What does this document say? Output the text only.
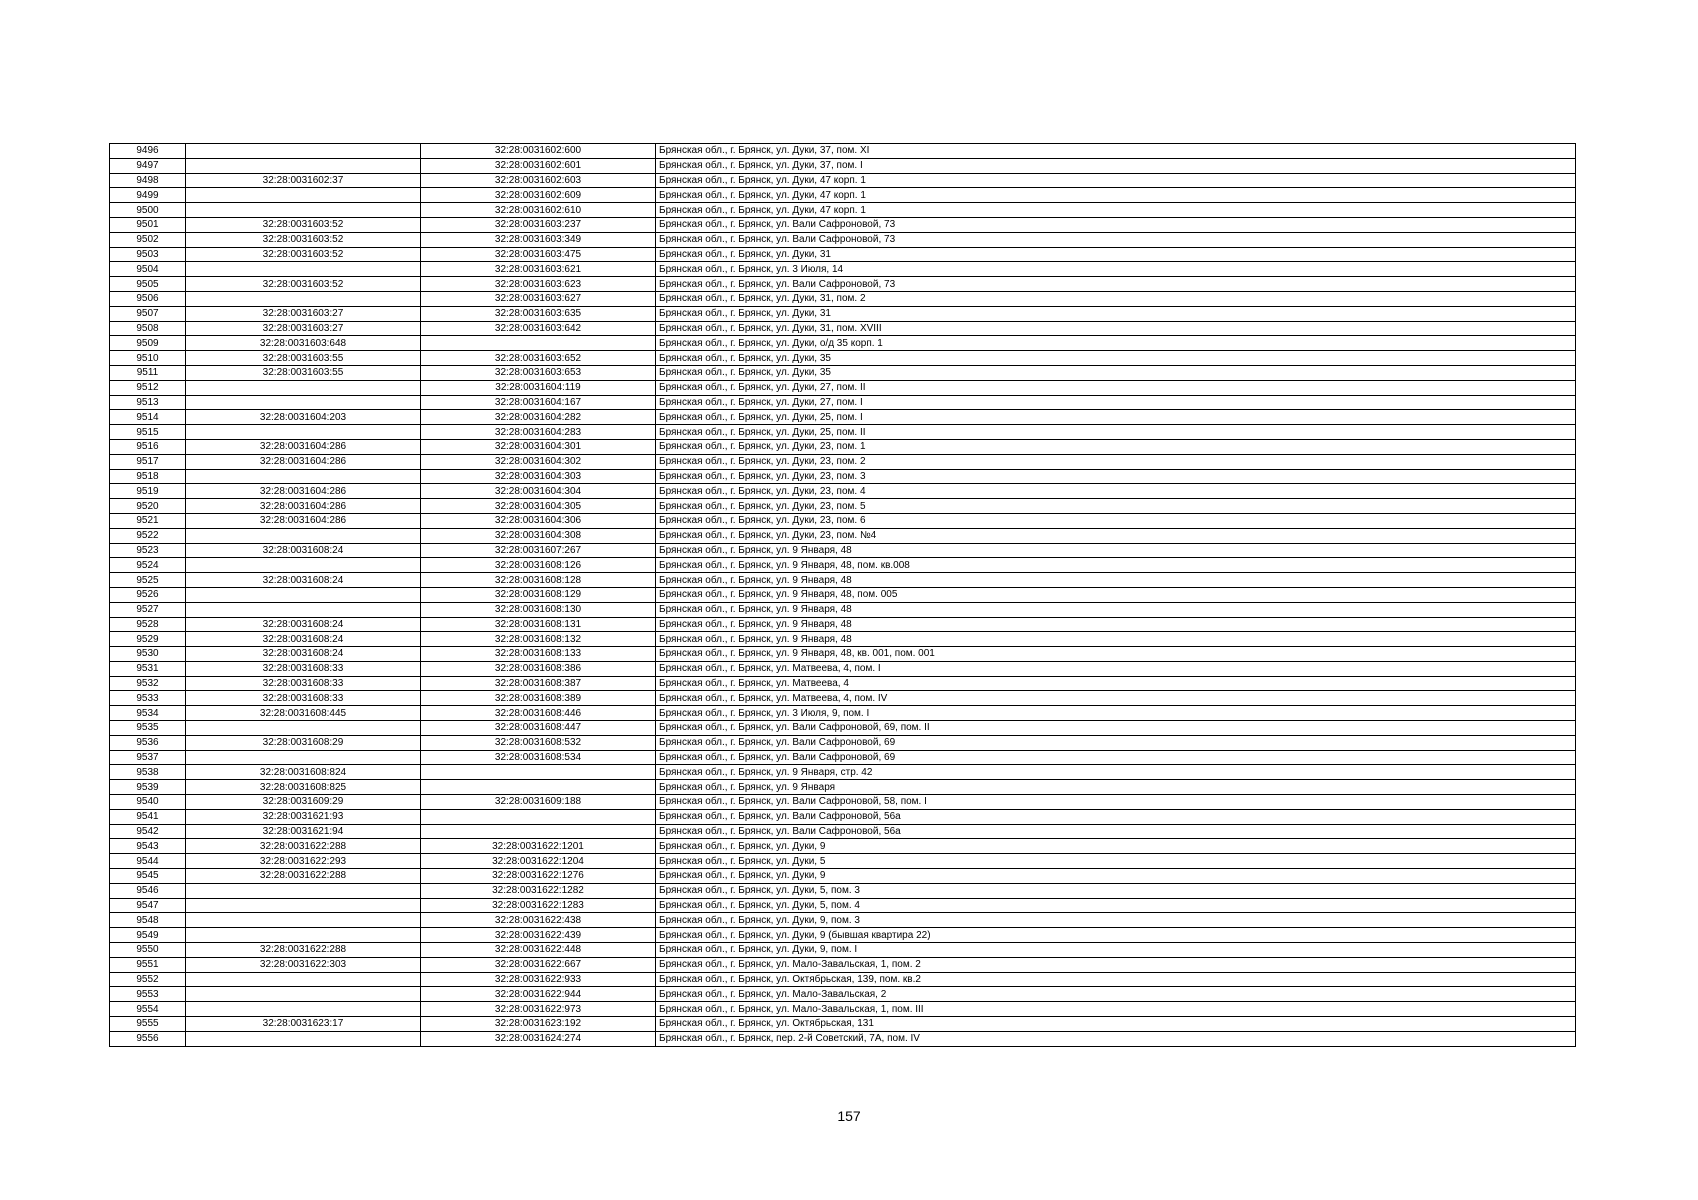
9496		32:28:0031602:600	Брянская обл., г. Брянск, ул. Дуки, 37, пом. XI
9497		32:28:0031602:601	Брянская обл., г. Брянск, ул. Дуки, 37, пом. I
9498	32:28:0031602:37	32:28:0031602:603	Брянская обл., г. Брянск, ул. Дуки, 47 корп. 1
9499		32:28:0031602:609	Брянская обл., г. Брянск, ул. Дуки, 47 корп. 1
9500		32:28:0031602:610	Брянская обл., г. Брянск, ул. Дуки, 47 корп. 1
9501	32:28:0031603:52	32:28:0031603:237	Брянская обл., г. Брянск, ул. Вали Сафроновой, 73
9502	32:28:0031603:52	32:28:0031603:349	Брянская обл., г. Брянск, ул. Вали Сафроновой, 73
9503	32:28:0031603:52	32:28:0031603:475	Брянская обл., г. Брянск, ул. Дуки, 31
9504		32:28:0031603:621	Брянская обл., г. Брянск, ул. 3 Июля, 14
9505	32:28:0031603:52	32:28:0031603:623	Брянская обл., г. Брянск, ул. Вали Сафроновой, 73
9506		32:28:0031603:627	Брянская обл., г. Брянск, ул. Дуки, 31, пом. 2
9507	32:28:0031603:27	32:28:0031603:635	Брянская обл., г. Брянск, ул. Дуки, 31
9508	32:28:0031603:27	32:28:0031603:642	Брянская обл., г. Брянск, ул. Дуки, 31, пом. XVIII
9509	32:28:0031603:648		Брянская обл., г. Брянск, ул. Дуки, о/д 35 корп. 1
9510	32:28:0031603:55	32:28:0031603:652	Брянская обл., г. Брянск, ул. Дуки, 35
9511	32:28:0031603:55	32:28:0031603:653	Брянская обл., г. Брянск, ул. Дуки, 35
9512		32:28:0031604:119	Брянская обл., г. Брянск, ул. Дуки, 27, пом. II
9513		32:28:0031604:167	Брянская обл., г. Брянск, ул. Дуки, 27, пом. I
9514	32:28:0031604:203	32:28:0031604:282	Брянская обл., г. Брянск, ул. Дуки, 25, пом. I
9515		32:28:0031604:283	Брянская обл., г. Брянск, ул. Дуки, 25, пом. II
9516	32:28:0031604:286	32:28:0031604:301	Брянская обл., г. Брянск, ул. Дуки, 23, пом. 1
9517	32:28:0031604:286	32:28:0031604:302	Брянская обл., г. Брянск, ул. Дуки, 23, пом. 2
9518		32:28:0031604:303	Брянская обл., г. Брянск, ул. Дуки, 23, пом. 3
9519	32:28:0031604:286	32:28:0031604:304	Брянская обл., г. Брянск, ул. Дуки, 23, пом. 4
9520	32:28:0031604:286	32:28:0031604:305	Брянская обл., г. Брянск, ул. Дуки, 23, пом. 5
9521	32:28:0031604:286	32:28:0031604:306	Брянская обл., г. Брянск, ул. Дуки, 23, пом. 6
9522		32:28:0031604:308	Брянская обл., г. Брянск, ул. Дуки, 23, пом. №4
9523	32:28:0031608:24	32:28:0031607:267	Брянская обл., г. Брянск, ул. 9 Января, 48
9524		32:28:0031608:126	Брянская обл., г. Брянск, ул. 9 Января, 48, пом. кв.008
9525	32:28:0031608:24	32:28:0031608:128	Брянская обл., г. Брянск, ул. 9 Января, 48
9526		32:28:0031608:129	Брянская обл., г. Брянск, ул. 9 Января, 48, пом. 005
9527		32:28:0031608:130	Брянская обл., г. Брянск, ул. 9 Января, 48
9528	32:28:0031608:24	32:28:0031608:131	Брянская обл., г. Брянск, ул. 9 Января, 48
9529	32:28:0031608:24	32:28:0031608:132	Брянская обл., г. Брянск, ул. 9 Января, 48
9530	32:28:0031608:24	32:28:0031608:133	Брянская обл., г. Брянск, ул. 9 Января, 48, кв. 001, пом. 001
9531	32:28:0031608:33	32:28:0031608:386	Брянская обл., г. Брянск, ул. Матвеева, 4, пом. I
9532	32:28:0031608:33	32:28:0031608:387	Брянская обл., г. Брянск, ул. Матвеева, 4
9533	32:28:0031608:33	32:28:0031608:389	Брянская обл., г. Брянск, ул. Матвеева, 4, пом. IV
9534	32:28:0031608:445	32:28:0031608:446	Брянская обл., г. Брянск, ул. 3 Июля, 9, пом. I
9535		32:28:0031608:447	Брянская обл., г. Брянск, ул. Вали Сафроновой, 69, пом. II
9536	32:28:0031608:29	32:28:0031608:532	Брянская обл., г. Брянск, ул. Вали Сафроновой, 69
9537		32:28:0031608:534	Брянская обл., г. Брянск, ул. Вали Сафроновой, 69
9538	32:28:0031608:824		Брянская обл., г. Брянск, ул. 9 Января, стр. 42
9539	32:28:0031608:825		Брянская обл., г. Брянск, ул. 9 Января
9540	32:28:0031609:29	32:28:0031609:188	Брянская обл., г. Брянск, ул. Вали Сафроновой, 58, пом. I
9541	32:28:0031621:93		Брянская обл., г. Брянск, ул. Вали Сафроновой, 56а
9542	32:28:0031621:94		Брянская обл., г. Брянск, ул. Вали Сафроновой, 56а
9543	32:28:0031622:288	32:28:0031622:1201	Брянская обл., г. Брянск, ул. Дуки, 9
9544	32:28:0031622:293	32:28:0031622:1204	Брянская обл., г. Брянск, ул. Дуки, 5
9545	32:28:0031622:288	32:28:0031622:1276	Брянская обл., г. Брянск, ул. Дуки, 9
9546		32:28:0031622:1282	Брянская обл., г. Брянск, ул. Дуки, 5, пом. 3
9547		32:28:0031622:1283	Брянская обл., г. Брянск, ул. Дуки, 5, пом. 4
9548		32:28:0031622:438	Брянская обл., г. Брянск, ул. Дуки, 9, пом. 3
9549		32:28:0031622:439	Брянская обл., г. Брянск, ул. Дуки, 9 (бывшая квартира 22)
9550	32:28:0031622:288	32:28:0031622:448	Брянская обл., г. Брянск, ул. Дуки, 9, пом. I
9551	32:28:0031622:303	32:28:0031622:667	Брянская обл., г. Брянск, ул. Мало-Завальская, 1, пом. 2
9552		32:28:0031622:933	Брянская обл., г. Брянск, ул. Октябрьская, 139, пом. кв.2
9553		32:28:0031622:944	Брянская обл., г. Брянск, ул. Мало-Завальская, 2
9554		32:28:0031622:973	Брянская обл., г. Брянск, ул. Мало-Завальская, 1, пом. III
9555	32:28:0031623:17	32:28:0031623:192	Брянская обл., г. Брянск, ул. Октябрьская, 131
9556		32:28:0031624:274	Брянская обл., г. Брянск, пер. 2-й Советский, 7А, пом. IV
157
